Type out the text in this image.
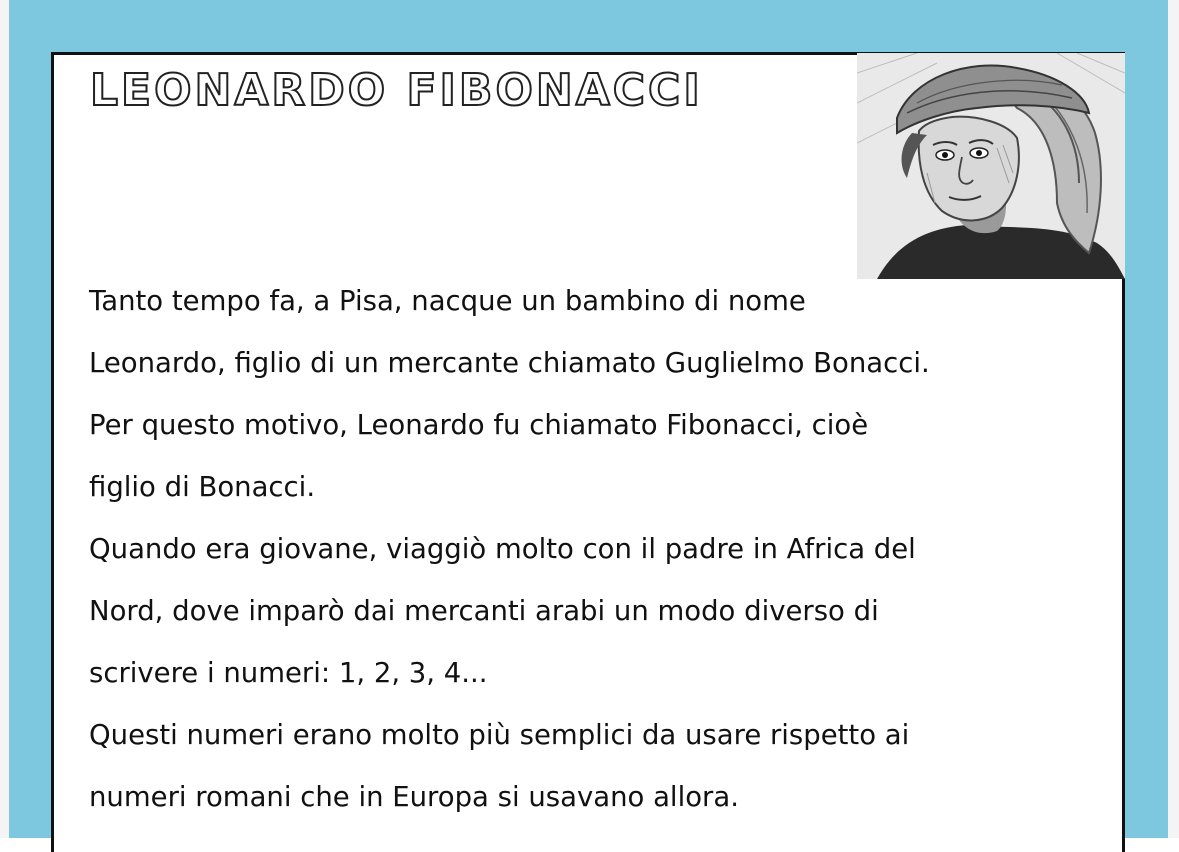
LEONARDO FIBONACCI

Tanto tempo fa, a Pisa, nacque un bambino di nome

Leonardo, figlio di un mercante chiamato Guglielmo Bonacci.

Per questo motivo, Leonardo fu chiamato Fibonacci, cioè

figlio di Bonacci.

Quando era giovane, viaggiò molto con il padre in Africa del

Nord, dove imparò dai mercanti arabi un modo diverso di

scrivere i numeri: 1, 2, 3, 4...

Questi numeri erano molto più semplici da usare rispetto ai

numeri romani che in Europa si usavano allora.
